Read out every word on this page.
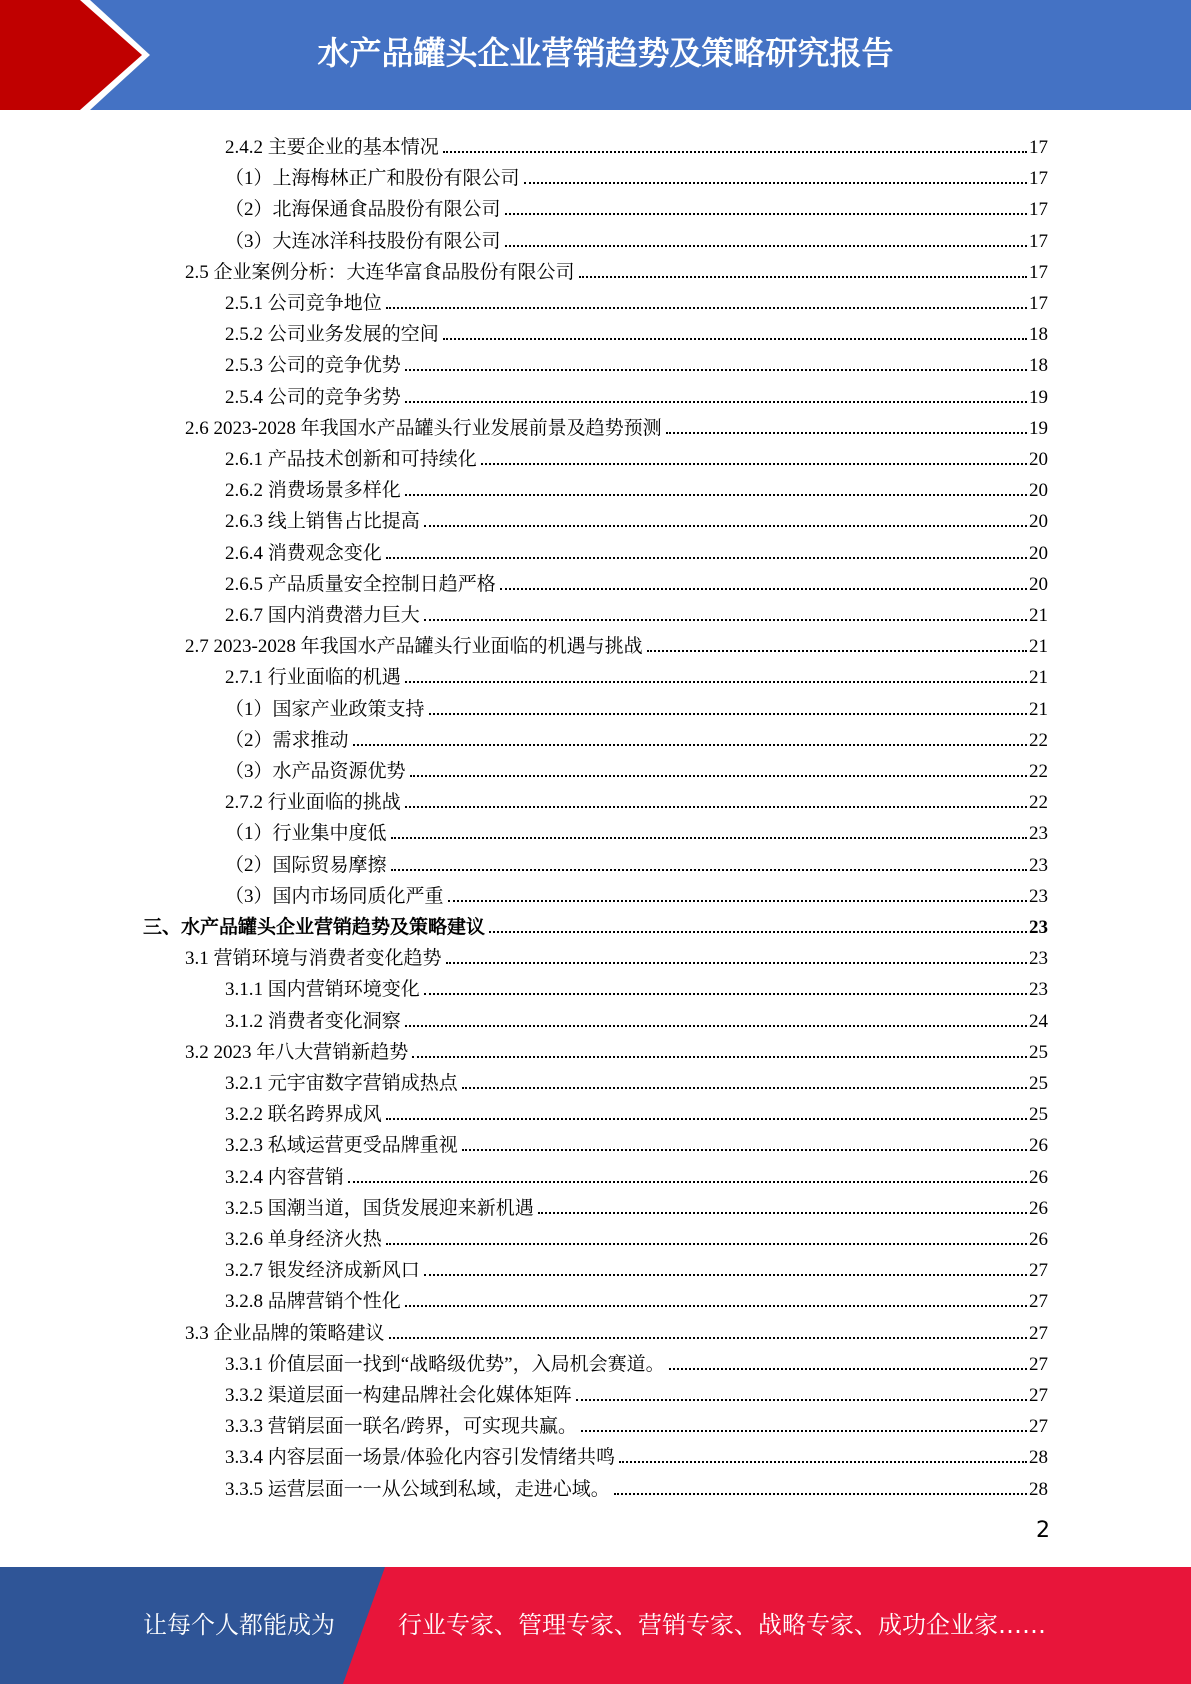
水产品罐头企业营销趋势及策略研究报告
2.4.2 主要企业的基本情况	17
（1）上海梅林正广和股份有限公司	17
（2）北海保通食品股份有限公司	17
（3）大连冰洋科技股份有限公司	17
2.5 企业案例分析：大连华富食品股份有限公司	17
2.5.1 公司竞争地位	17
2.5.2 公司业务发展的空间	18
2.5.3 公司的竞争优势	18
2.5.4 公司的竞争劣势	19
2.6 2023-2028 年我国水产品罐头行业发展前景及趋势预测	19
2.6.1 产品技术创新和可持续化	20
2.6.2 消费场景多样化	20
2.6.3 线上销售占比提高	20
2.6.4 消费观念变化	20
2.6.5 产品质量安全控制日趋严格	20
2.6.7 国内消费潜力巨大	21
2.7 2023-2028 年我国水产品罐头行业面临的机遇与挑战	21
2.7.1 行业面临的机遇	21
（1）国家产业政策支持	21
（2）需求推动	22
（3）水产品资源优势	22
2.7.2 行业面临的挑战	22
（1）行业集中度低	23
（2）国际贸易摩擦	23
（3）国内市场同质化严重	23
三、水产品罐头企业营销趋势及策略建议	23
3.1 营销环境与消费者变化趋势	23
3.1.1 国内营销环境变化	23
3.1.2 消费者变化洞察	24
3.2 2023 年八大营销新趋势	25
3.2.1 元宇宙数字营销成热点	25
3.2.2 联名跨界成风	25
3.2.3 私域运营更受品牌重视	26
3.2.4 内容营销	26
3.2.5 国潮当道，国货发展迎来新机遇	26
3.2.6 单身经济火热	26
3.2.7 银发经济成新风口	27
3.2.8 品牌营销个性化	27
3.3 企业品牌的策略建议	27
3.3.1 价值层面一找到“战略级优势”，入局机会赛道。	27
3.3.2 渠道层面一构建品牌社会化媒体矩阵	27
3.3.3 营销层面一联名/跨界，可实现共赢。	27
3.3.4 内容层面一场景/体验化内容引发情绪共鸣	28
3.3.5 运营层面一一从公域到私域，走进心域。	28
2
让每个人都能成为	行业专家、管理专家、营销专家、战略专家、成功企业家……
